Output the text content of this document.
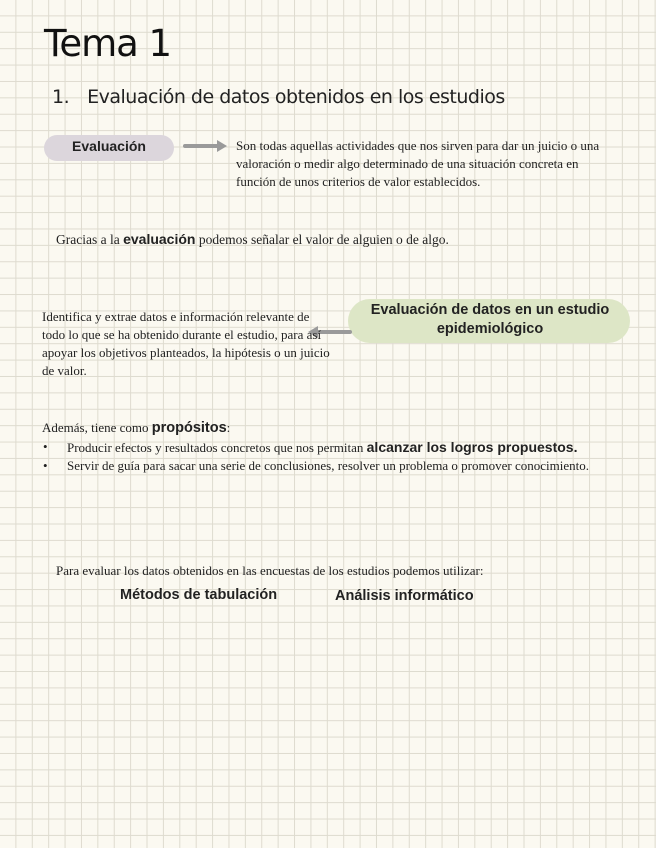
Tema 1
1. Evaluación de datos obtenidos en los estudios
Evaluación	Son todas aquellas actividades que nos sirven para dar un juicio o una valoración o medir algo determinado de una situación concreta en función de unos criterios de valor establecidos.
Gracias a la evaluación podemos señalar el valor de alguien o de algo.
Evaluación de datos en un estudio epidemiológico
Identifica y extrae datos e información relevante de todo lo que se ha obtenido durante el estudio, para así apoyar los objetivos planteados, la hipótesis o un juicio de valor.
Además, tiene como propósitos:
• Producir efectos y resultados concretos que nos permitan alcanzar los logros propuestos.
• Servir de guía para sacar una serie de conclusiones, resolver un problema o promover conocimiento.
Para evaluar los datos obtenidos en las encuestas de los estudios podemos utilizar:
Métodos de tabulación	Análisis informático
